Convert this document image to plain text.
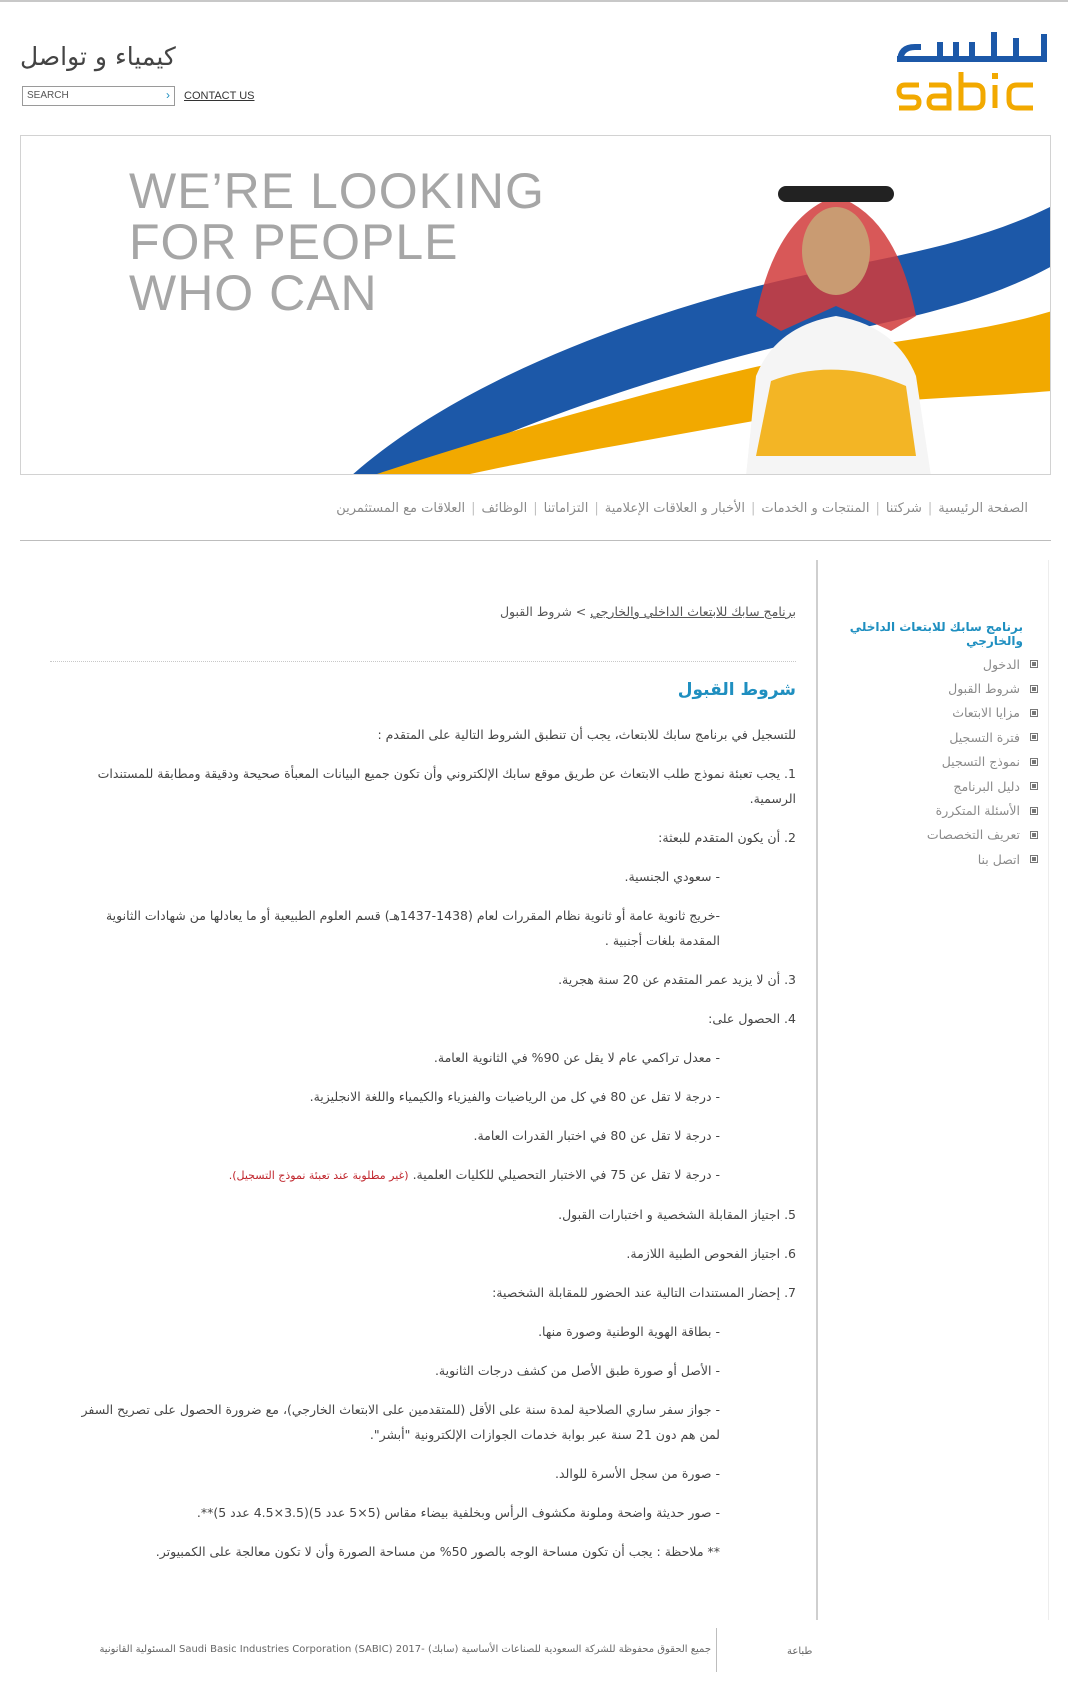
كيمياء و تواصل
SEARCH	› CONTACT US
WE’RE LOOKING
FOR PEOPLE
WHO CAN
الصفحة الرئيسية|شركتنا|المنتجات و الخدمات|الأخبار و العلاقات الإعلامية|التزاماتنا|الوظائف|العلاقات مع المستثمرين
برنامج سابك للابتعاث الداخلي والخارجي
الدخول
شروط القبول
مزايا الابتعاث
فترة التسجيل
نموذج التسجيل
دليل البرنامج
الأسئلة المتكررة
تعريف التخصصات
اتصل بنا
برنامج سابك للابتعاث الداخلي والخارجي > شروط القبول
شروط القبول

للتسجيل في برنامج سابك للابتعاث، يجب أن تنطبق الشروط التالية على المتقدم :

1. يجب تعبئة نموذج طلب الابتعاث عن طريق موقع سابك الإلكتروني وأن تكون جميع البيانات المعبأة صحيحة ودقيقة ومطابقة للمستندات الرسمية.

2. أن يكون المتقدم للبعثة:

- سعودي الجنسية.

-خريج ثانوية عامة أو ثانوية نظام المقررات لعام (1438-1437هـ) قسم العلوم الطبيعية أو ما يعادلها من شهادات الثانوية المقدمة بلغات أجنبية .

3. أن لا يزيد عمر المتقدم عن 20 سنة هجرية.

4. الحصول على:

- معدل تراكمي عام لا يقل عن 90% في الثانوية العامة.

- درجة لا تقل عن 80 في كل من الرياضيات والفيزياء والكيمياء واللغة الانجليزية.

- درجة لا تقل عن 80 في اختبار القدرات العامة.

- درجة لا تقل عن 75 في الاختبار التحصيلي للكليات العلمية. (غير مطلوبة عند تعبئة نموذج التسجيل).

5. اجتياز المقابلة الشخصية و اختبارات القبول.

6. اجتياز الفحوص الطبية اللازمة.

7. إحضار المستندات التالية عند الحضور للمقابلة الشخصية:

- بطاقة الهوية الوطنية وصورة منها.

- الأصل أو صورة طبق الأصل من كشف درجات الثانوية.

- جواز سفر ساري الصلاحية لمدة سنة على الأقل (للمتقدمين على الابتعاث الخارجي)، مع ضرورة الحصول على تصريح السفر لمن هم دون 21 سنة عبر بوابة خدمات الجوازات الإلكترونية "أبشر".

- صورة من سجل الأسرة للوالد.

- صور حديثة واضحة وملونة مكشوف الرأس وبخلفية بيضاء مقاس (5×5 عدد 5)(3.5×4.5 عدد 5)**.

** ملاحظة : يجب أن تكون مساحة الوجه بالصور 50% من مساحة الصورة وأن لا تكون معالجة على الكمبيوتر.

جميع الحقوق محفوظة للشركة السعودية للصناعات الأساسية (سابك) -2017 (Saudi Basic Industries Corporation (SABIC المسئولية القانونية	طباعة
